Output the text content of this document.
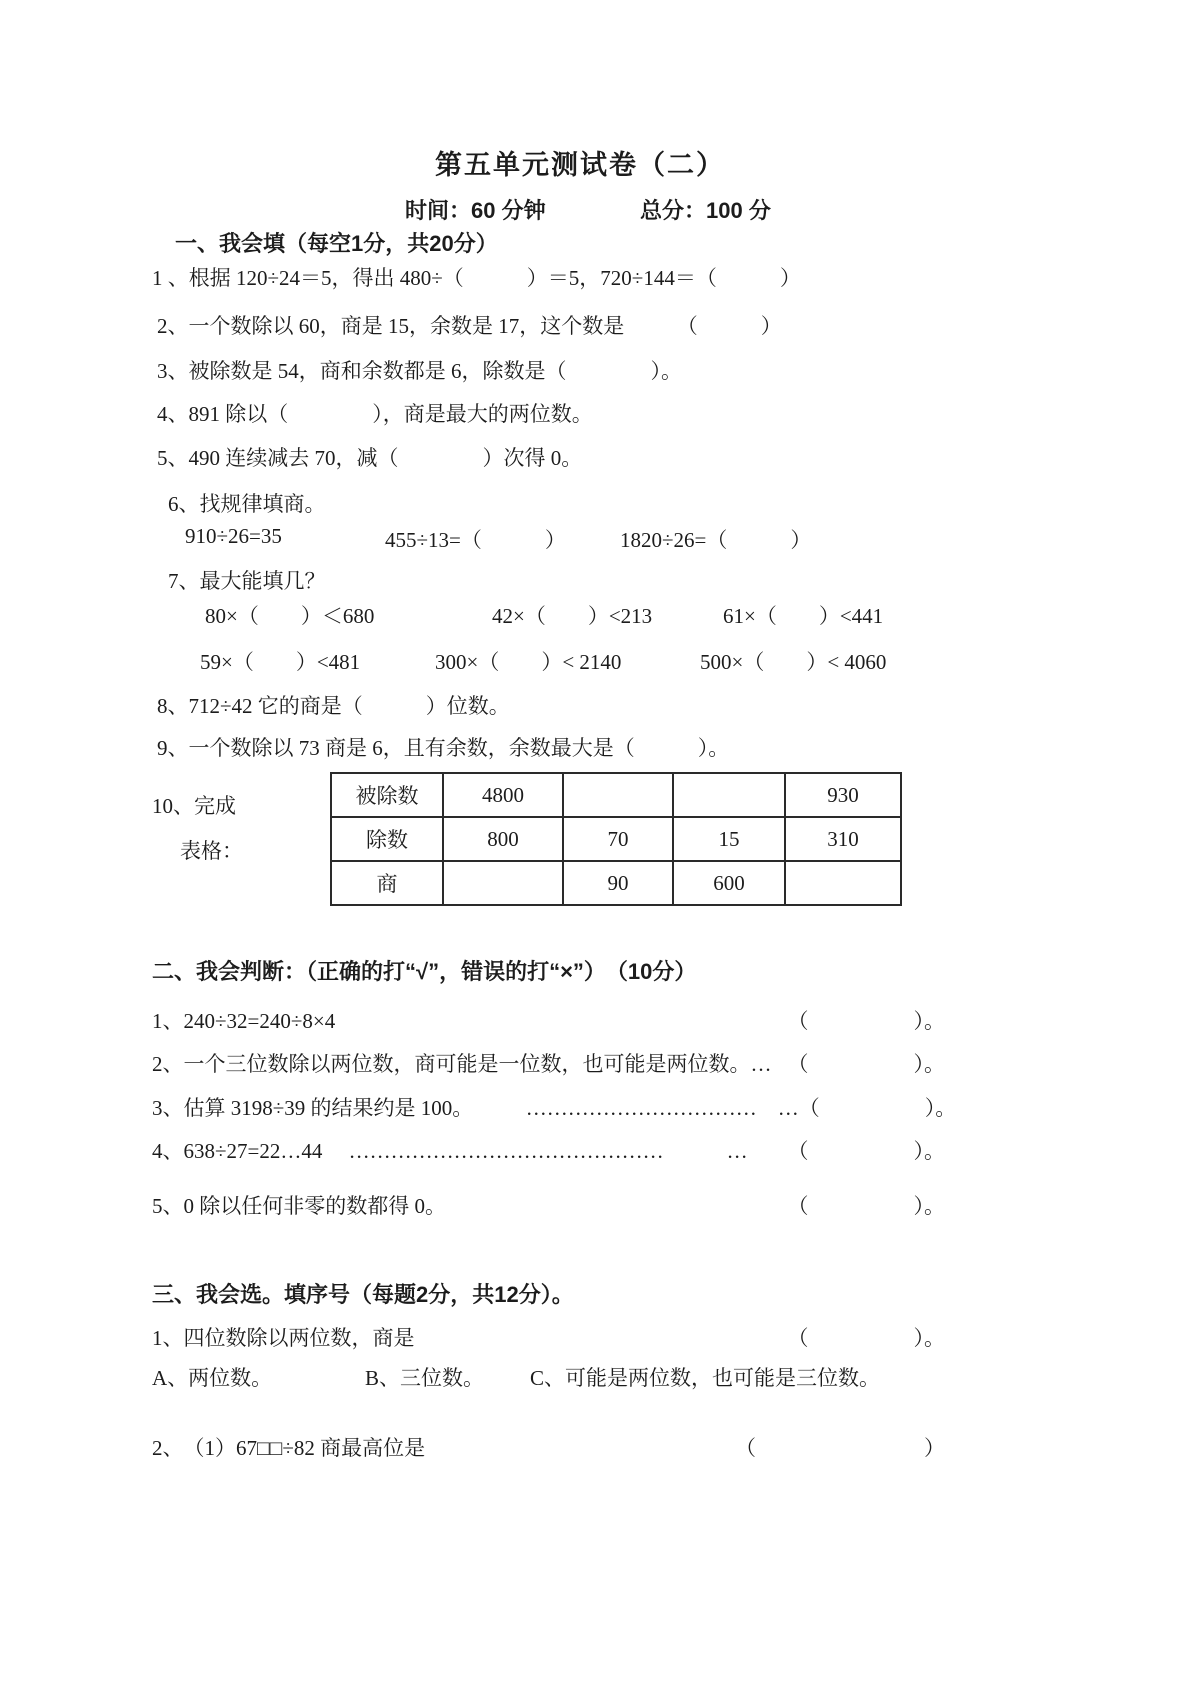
第五单元测试卷（二）
时间：60 分钟	总分：100 分
一、我会填（每空1分，共20分）
1 、根据 120÷24＝5，得出 480÷（　　　）＝5，720÷144＝（　　　）
2、一个数除以 60，商是 15，余数是 17，这个数是　　　（　　　）
3、被除数是 54，商和余数都是 6，除数是（　　　　）。
4、891 除以（　　　　），商是最大的两位数。
5、490 连续减去 70，减（　　　　）次得 0。
6、找规律填商。
910÷26=35	455÷13=（　　　）	1820÷26=（　　　）
7、最大能填几？
80×（　　）＜680	42×（　　）<213	61×（　　）<441
59×（　　）<481	300×（　　）< 2140	500×（　　）< 4060
8、712÷42 它的商是（　　　）位数。
9、一个数除以 73 商是 6，且有余数，余数最大是（　　　）。
10、完成
表格：
被除数	4800			930
除数	800	70	15	310
商		90	600	
二、我会判断：（正确的打“√”，错误的打“×”）　（10分）
1、240÷32=240÷8×4	（　　　　　）。
2、一个三位数除以两位数，商可能是一位数，也可能是两位数。… （　　　　　）。
3、估算 3198÷39 的结果约是 100。　　　……………………………　… （　　　　　）。
4、638÷27=22…44　 ………………………………………　　　… （　　　　　）。
5、0 除以任何非零的数都得 0。	（　　　　　）。
三、我会选。填序号（每题2分，共12分）。
1、四位数除以两位数，商是	（　　　　　）。
A、两位数。	B、三位数。 C、可能是两位数，也可能是三位数。
2、　（1）67□□÷82 商最高位是	（　　　　　　　　）
